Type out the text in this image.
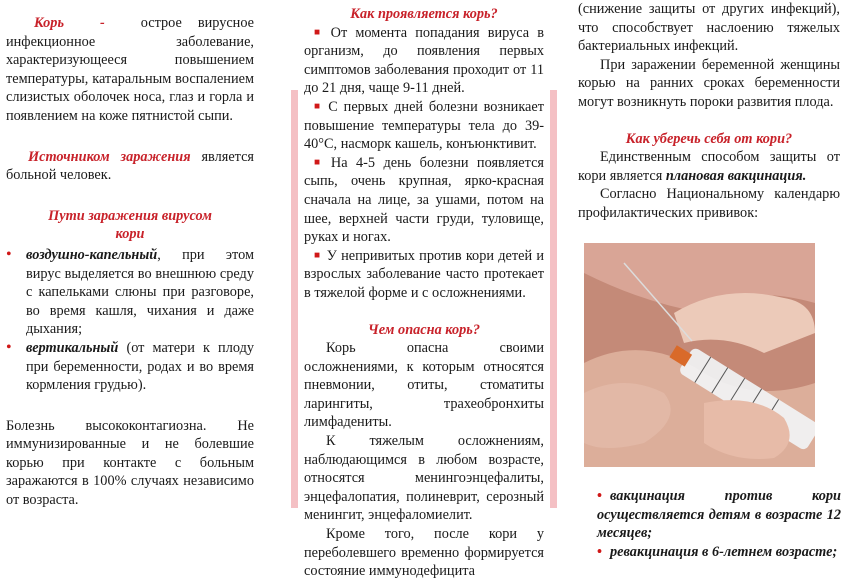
Корь	-	острое вирусное инфекционное заболевание, характеризующееся повышением температуры, катаральным воспалением слизистых оболочек носа, глаз и горла и появлением на коже пятнистой сыпи.

Источником заражения является больной человек.

Пути заражения вирусом

кори

• воздушно-капельный, при этом вирус выделяется во внешнюю среду с капельками слюны при разговоре, во время кашля, чихания и даже дыхания;

• вертикальный (от матери к плоду при беременности, родах и во время кормления грудью).

Болезнь высококонтагиозна. Не иммунизированные и не болевшие корью при контакте с больным заражаются в 100% случаях независимо от возраста.

Как проявляется корь?

■ От момента попадания вируса в организм, до появления первых симптомов заболевания проходит от 11 до 21 дня, чаще 9-11 дней.

■ С первых дней болезни возникает повышение температуры тела до 39-40°С, насморк кашель, конъюнктивит.

■ На 4-5 день болезни появляется сыпь, очень крупная, ярко-красная сначала на лице, за ушами, потом на шее, верхней части груди, туловище, руках и ногах.

■ У непривитых против кори детей и взрослых заболевание часто протекает в тяжелой форме и с осложнениями.

Чем опасна корь?

Корь опасна своими осложнениями, к которым относятся пневмонии, отиты, стоматиты ларингиты, трахеобронхиты лимфадениты.

К тяжелым осложнениям, наблюдающимся в любом возрасте, относятся менингоэнцефалиты, энцефалопатия, полиневрит, серозный менингит, энцефаломиелит.

Кроме того, после кори у переболевшего временно формируется состояние иммунодефицита

(снижение защиты от других инфекций), что способствует наслоению тяжелых бактериальных инфекций.

При заражении беременной женщины корью на ранних сроках беременности могут возникнуть пороки развития плода.

Как уберечь себя от кори?

Единственным способом защиты от кори является плановая вакцинация.

Согласно Национальному календарю профилактических прививок:

• вакцинация против кори осуществляется детям в возрасте 12 месяцев;
• ревакцинация в 6-летнем возрасте;
